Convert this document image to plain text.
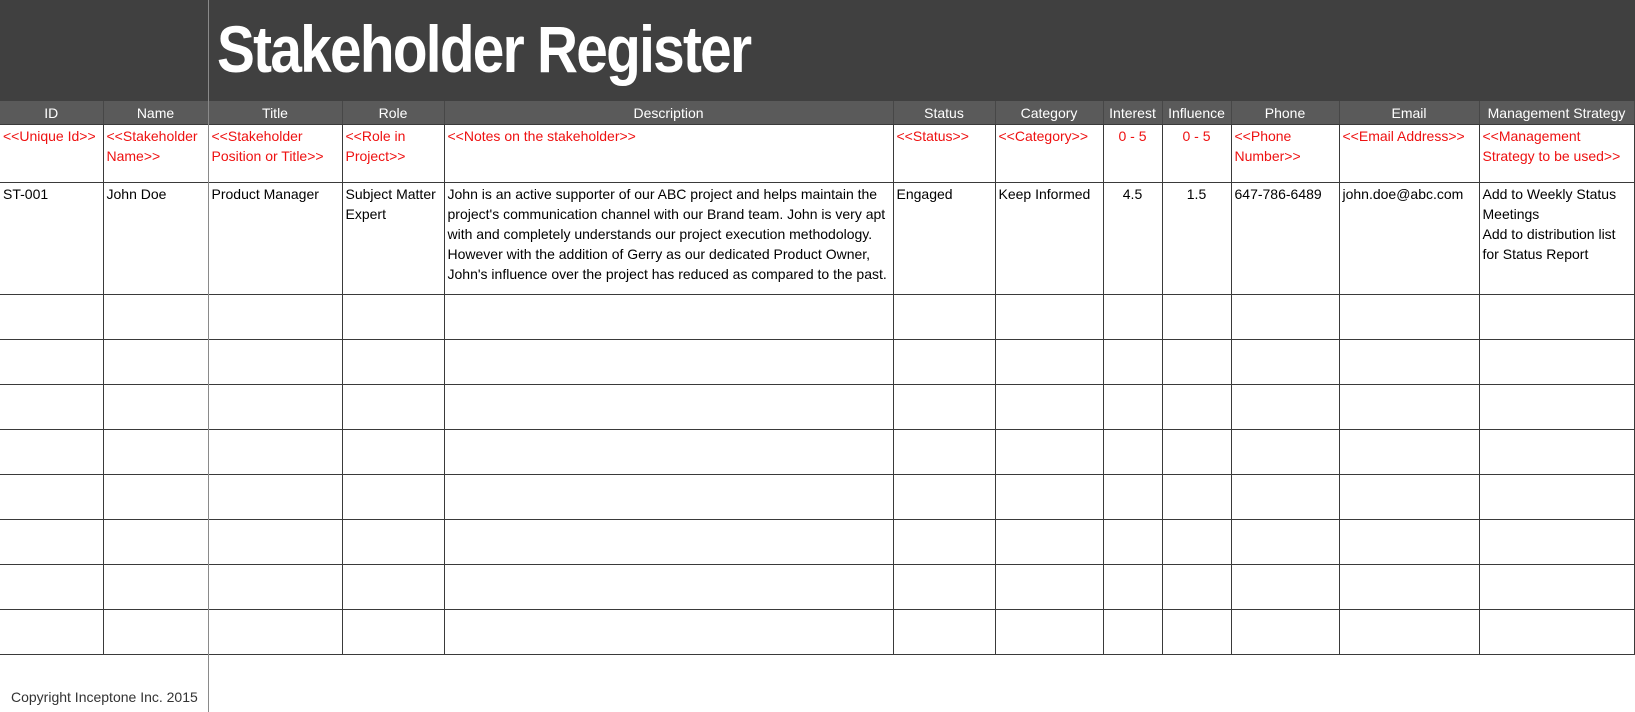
Stakeholder Register
ID	Name	Title	Role	Description	Status	Category	Interest	Influence	Phone	Email	Management Strategy
<<Unique Id>>	<<Stakeholder Name>>	<<Stakeholder Position or Title>>	<<Role in Project>>	<<Notes on the stakeholder>>	<<Status>>	<<Category>>	0 - 5	0 - 5	<<Phone Number>>	<<Email Address>>	<<Management Strategy to be used>>
ST-001	John Doe	Product Manager	Subject Matter Expert	John is an active supporter of our ABC project and helps maintain the project's communication channel with our Brand team. John is very apt with and completely understands our project execution methodology. However with the addition of Gerry as our dedicated Product Owner, John's influence over the project has reduced as compared to the past.	Engaged	Keep Informed	4.5	1.5	647-786-6489	john.doe@abc.com	Add to Weekly Status Meetings
Add to distribution list for Status Report

Copyright Inceptone Inc. 2015
